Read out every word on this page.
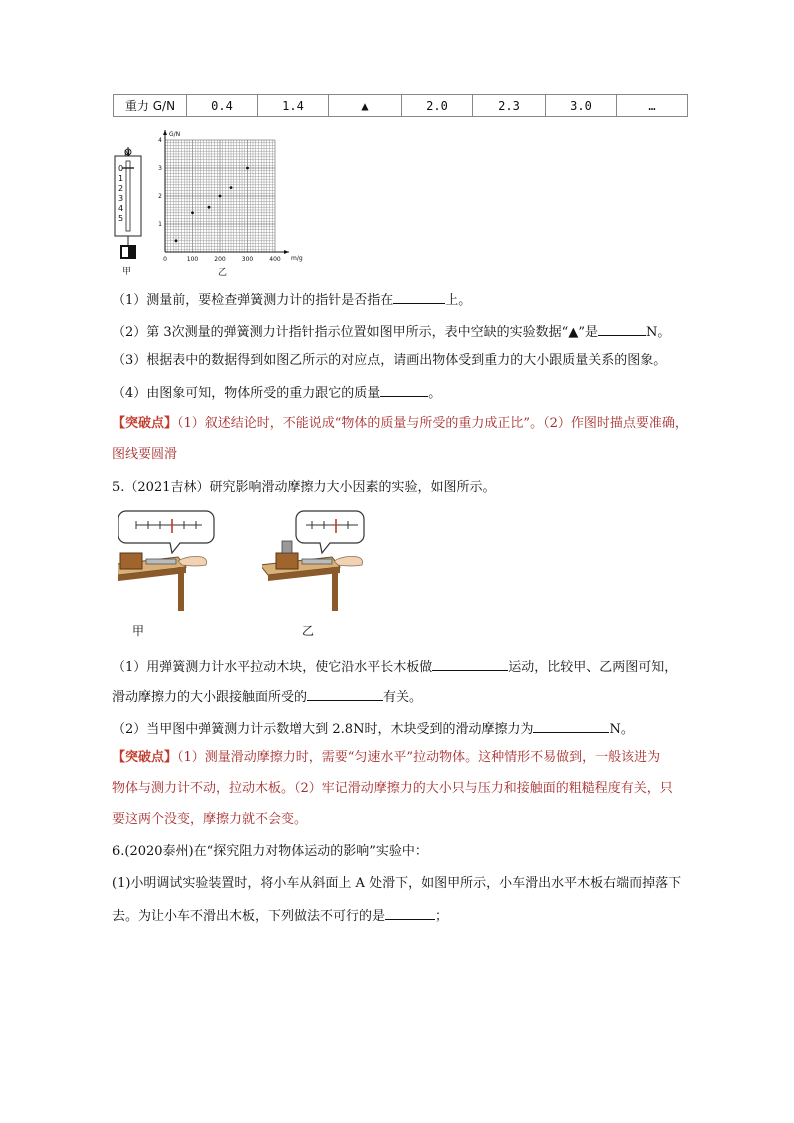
重力 G/N	0.4	1.4	▲	2.0	2.3	3.0	…
N
0
1
2
3
4
5
甲
0	100	200	300	400
1
2
3
4
m/g
G/N
乙
（1）测量前，要检查弹簧测力计的指针是否指在	上。
（2）第 3次测量的弹簧测力计指针指示位置如图甲所示，表中空缺的实验数据“▲”是	N。
（3）根据表中的数据得到如图乙所示的对应点，请画出物体受到重力的大小跟质量关系的图象。
（4）由图象可知，物体所受的重力跟它的质量	。
【突破点】（1）叙述结论时，不能说成“物体的质量与所受的重力成正比”。（2）作图时描点要准确，
图线要圆滑
5.（2021吉林）研究影响滑动摩擦力大小因素的实验，如图所示。
甲	乙
（1）用弹簧测力计水平拉动木块，使它沿水平长木板做	运动，比较甲、乙两图可知，
滑动摩擦力的大小跟接触面所受的	有关。
（2）当甲图中弹簧测力计示数增大到 2.8N时，木块受到的滑动摩擦力为	N。
【突破点】（1）测量滑动摩擦力时，需要“匀速水平”拉动物体。这种情形不易做到，一般该进为
物体与测力计不动，拉动木板。（2）牢记滑动摩擦力的大小只与压力和接触面的粗糙程度有关，只
要这两个没变，摩擦力就不会变。
6.(2020泰州)在“探究阻力对物体运动的影响”实验中：
(1)小明调试实验装置时，将小车从斜面上 A 处滑下，如图甲所示，小车滑出水平木板右端而掉落下
去。为让小车不滑出木板，下列做法不可行的是	；
